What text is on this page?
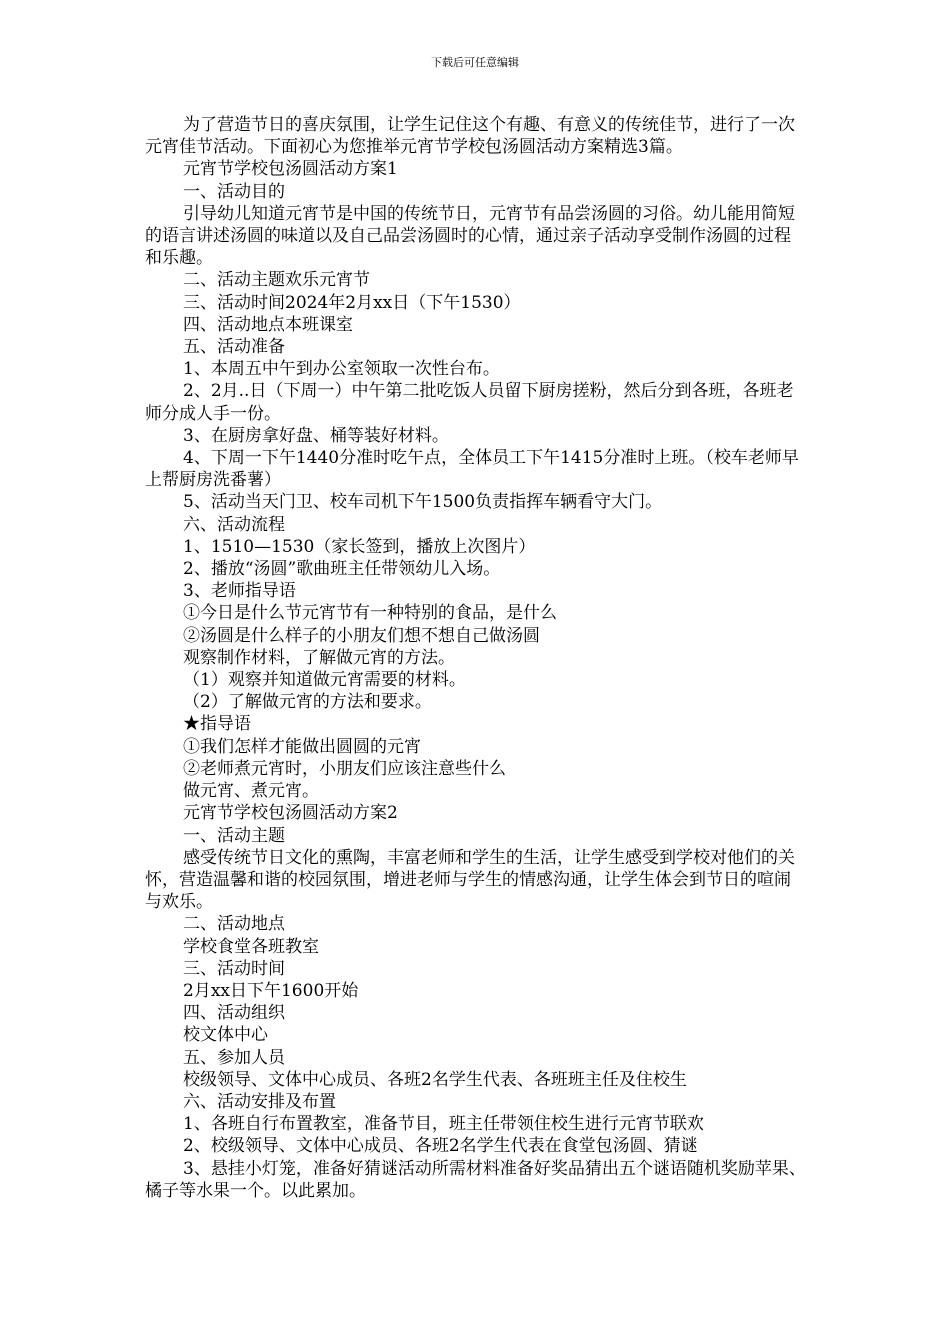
下载后可任意编辑

为了营造节日的喜庆氛围，让学生记住这个有趣、有意义的传统佳节，进行了一次元宵佳节活动。下面初心为您推举元宵节学校包汤圆活动方案精选3篇。

元宵节学校包汤圆活动方案1

一、活动目的

引导幼儿知道元宵节是中国的传统节日，元宵节有品尝汤圆的习俗。幼儿能用简短的语言讲述汤圆的味道以及自己品尝汤圆时的心情，通过亲子活动享受制作汤圆的过程和乐趣。

二、活动主题欢乐元宵节

三、活动时间2024年2月xx日（下午1530）

四、活动地点本班课室

五、活动准备

1、本周五中午到办公室领取一次性台布。

2、2月..日（下周一）中午第二批吃饭人员留下厨房搓粉，然后分到各班，各班老师分成人手一份。

3、在厨房拿好盘、桶等装好材料。

4、下周一下午1440分准时吃午点，全体员工下午1415分准时上班。（校车老师早上帮厨房洗番薯）

5、活动当天门卫、校车司机下午1500负责指挥车辆看守大门。

六、活动流程

1、1510—1530（家长签到，播放上次图片）

2、播放“汤圆”歌曲班主任带领幼儿入场。

3、老师指导语

①今日是什么节元宵节有一种特别的食品，是什么

②汤圆是什么样子的小朋友们想不想自己做汤圆

观察制作材料，了解做元宵的方法。

（1）观察并知道做元宵需要的材料。

（2）了解做元宵的方法和要求。

★指导语

①我们怎样才能做出圆圆的元宵

②老师煮元宵时，小朋友们应该注意些什么

做元宵、煮元宵。

元宵节学校包汤圆活动方案2

一、活动主题

感受传统节日文化的熏陶，丰富老师和学生的生活，让学生感受到学校对他们的关怀，营造温馨和谐的校园氛围，增进老师与学生的情感沟通，让学生体会到节日的喧闹与欢乐。

二、活动地点

学校食堂各班教室

三、活动时间

2月xx日下午1600开始

四、活动组织

校文体中心

五、参加人员

校级领导、文体中心成员、各班2名学生代表、各班班主任及住校生

六、活动安排及布置

1、各班自行布置教室，准备节目，班主任带领住校生进行元宵节联欢

2、校级领导、文体中心成员、各班2名学生代表在食堂包汤圆、猜谜

3、悬挂小灯笼，准备好猜谜活动所需材料准备好奖品猜出五个谜语随机奖励苹果、橘子等水果一个。以此累加。
